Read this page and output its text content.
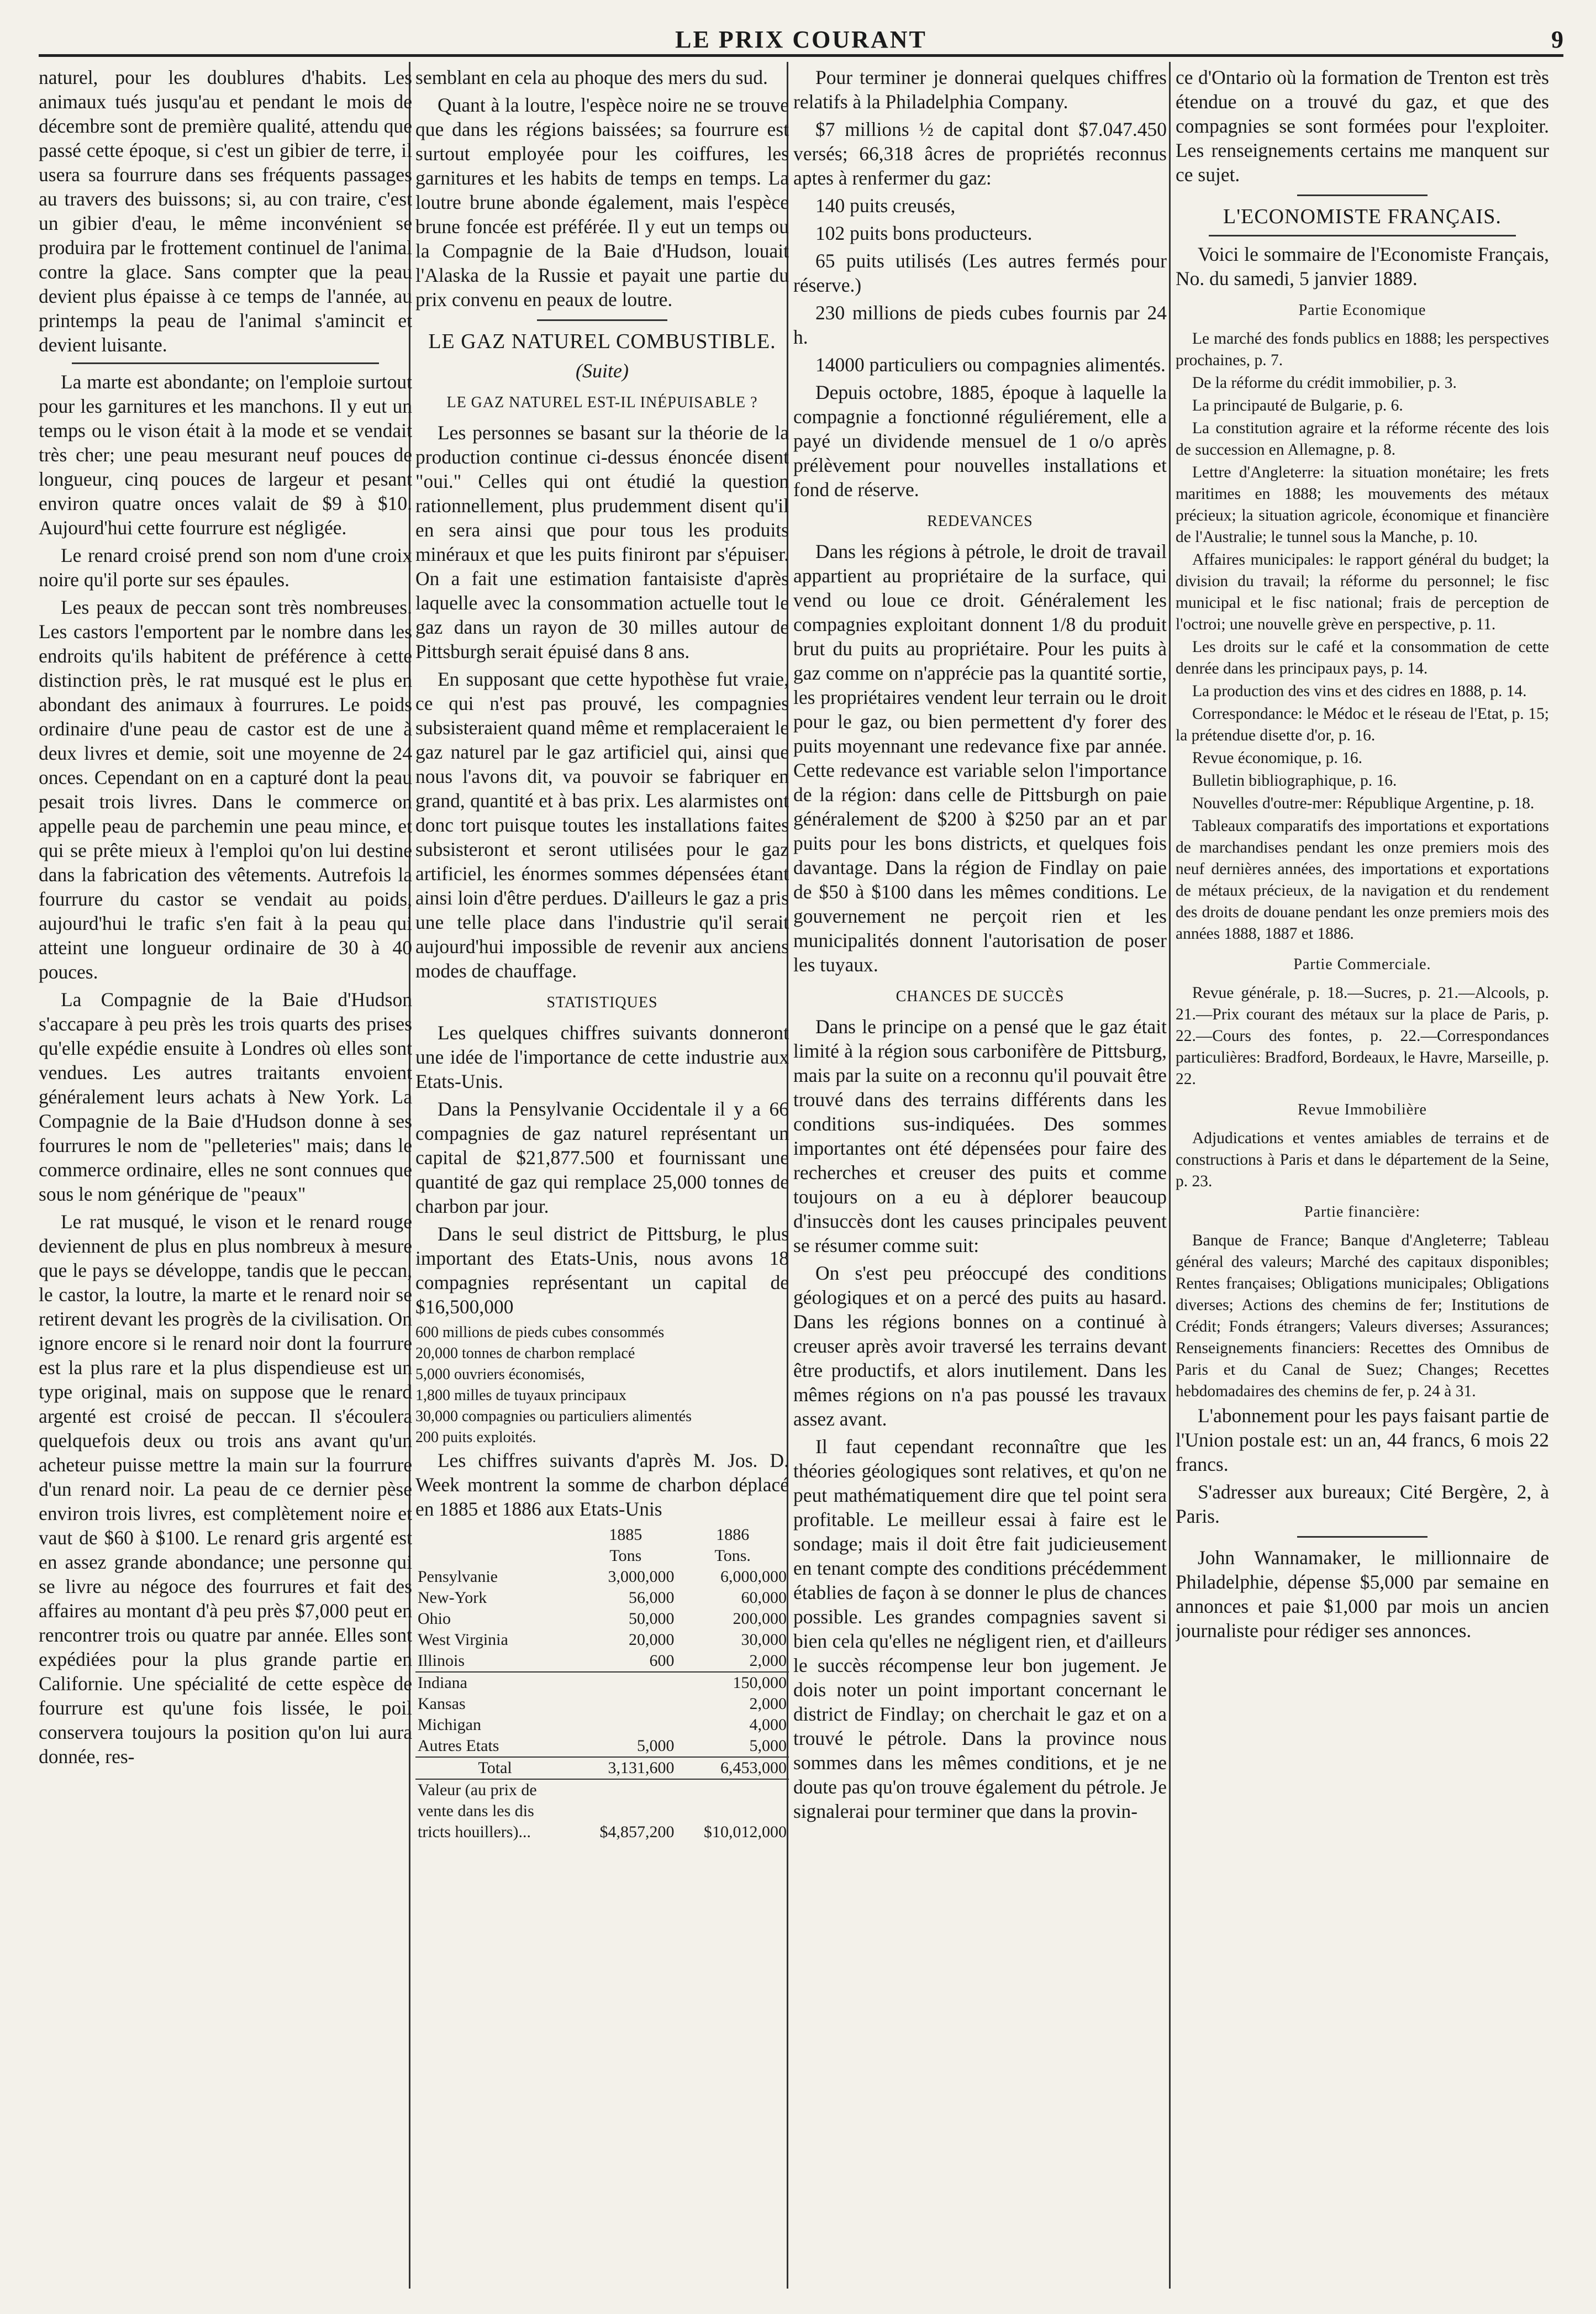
LE PRIX COURANT	9

naturel, pour les doublures d'habits. Les animaux tués jusqu'au et pendant le mois de décembre sont de première qualité, attendu que passé cette époque, si c'est un gibier de terre, il usera sa fourrure dans ses fréquents passages au travers des buissons; si, au con traire, c'est un gibier d'eau, le même inconvénient se produira par le frottement continuel de l'animal contre la glace. Sans compter que la peau devient plus épaisse à ce temps de l'année, au printemps la peau de l'animal s'amincit et devient luisante.

La marte est abondante; on l'emploie surtout pour les garnitures et les manchons. Il y eut un temps ou le vison était à la mode et se vendait très cher; une peau mesurant neuf pouces de longueur, cinq pouces de largeur et pesant environ quatre onces valait de $9 à $10. Aujourd'hui cette fourrure est négligée.

Le renard croisé prend son nom d'une croix noire qu'il porte sur ses épaules.

Les peaux de peccan sont très nombreuses. Les castors l'emportent par le nombre dans les endroits qu'ils habitent de préférence à cette distinction près, le rat musqué est le plus en abondant des animaux à fourrures. Le poids ordinaire d'une peau de castor est de une à deux livres et demie, soit une moyenne de 24 onces. Cependant on en a capturé dont la peau pesait trois livres. Dans le commerce on appelle peau de parchemin une peau mince, et qui se prête mieux à l'emploi qu'on lui destine dans la fabrication des vêtements. Autrefois la fourrure du castor se vendait au poids, aujourd'hui le trafic s'en fait à la peau qui atteint une longueur ordinaire de 30 à 40 pouces.

La Compagnie de la Baie d'Hudson s'accapare à peu près les trois quarts des prises qu'elle expédie ensuite à Londres où elles sont vendues. Les autres traitants envoient généralement leurs achats à New York. La Compagnie de la Baie d'Hudson donne à ses fourrures le nom de "pelleteries" mais; dans le commerce ordinaire, elles ne sont connues que sous le nom générique de "peaux"

Le rat musqué, le vison et le renard rouge deviennent de plus en plus nombreux à mesure que le pays se développe, tandis que le peccan, le castor, la loutre, la marte et le renard noir se retirent devant les progrès de la civilisation. On ignore encore si le renard noir dont la fourrure est la plus rare et la plus dispendieuse est un type original, mais on suppose que le renard argenté est croisé de peccan. Il s'écoulera quelquefois deux ou trois ans avant qu'un acheteur puisse mettre la main sur la fourrure d'un renard noir. La peau de ce dernier pèse environ trois livres, est complètement noire et vaut de $60 à $100. Le renard gris argenté est en assez grande abondance; une personne qui se livre au négoce des fourrures et fait des affaires au montant d'à peu près $7,000 peut en rencontrer trois ou quatre par année. Elles sont expédiées pour la plus grande partie en Californie. Une spécialité de cette espèce de fourrure est qu'une fois lissée, le poil conservera toujours la position qu'on lui aura donnée, res-

semblant en cela au phoque des mers du sud.

Quant à la loutre, l'espèce noire ne se trouve que dans les régions baissées; sa fourrure est surtout employée pour les coiffures, les garnitures et les habits de temps en temps. La loutre brune abonde également, mais l'espèce brune foncée est préférée. Il y eut un temps ou la Compagnie de la Baie d'Hudson, louait l'Alaska de la Russie et payait une partie du prix convenu en peaux de loutre.

LE GAZ NATUREL COMBUSTIBLE.
(Suite)
LE GAZ NATUREL EST-IL INÉPUISABLE ?

Les personnes se basant sur la théorie de la production continue ci-dessus énoncée disent "oui." Celles qui ont étudié la question rationnellement, plus prudemment disent qu'il en sera ainsi que pour tous les produits minéraux et que les puits finiront par s'épuiser. On a fait une estimation fantaisiste d'après laquelle avec la consommation actuelle tout le gaz dans un rayon de 30 milles autour de Pittsburgh serait épuisé dans 8 ans.

En supposant que cette hypothèse fut vraie, ce qui n'est pas prouvé, les compagnies subsisteraient quand même et remplaceraient le gaz naturel par le gaz artificiel qui, ainsi que nous l'avons dit, va pouvoir se fabriquer en grand, quantité et à bas prix. Les alarmistes ont donc tort puisque toutes les installations faites subsisteront et seront utilisées pour le gaz artificiel, les énormes sommes dépensées étant ainsi loin d'être perdues. D'ailleurs le gaz a pris une telle place dans l'industrie qu'il serait aujourd'hui impossible de revenir aux anciens modes de chauffage.

STATISTIQUES

Les quelques chiffres suivants donneront une idée de l'importance de cette industrie aux Etats-Unis.

Dans la Pensylvanie Occidentale il y a 66 compagnies de gaz naturel représentant un capital de $21,877.500 et fournissant une quantité de gaz qui remplace 25,000 tonnes de charbon par jour.

Dans le seul district de Pittsburg, le plus important des Etats-Unis, nous avons 18 compagnies représentant un capital de $16,500,000

600 millions de pieds cubes consommés
20,000 tonnes de charbon remplacé
5,000 ouvriers économisés,
1,800 milles de tuyaux principaux
30,000 compagnies ou particuliers alimentés
200 puits exploités.

Les chiffres suivants d'après M. Jos. D. Week montrent la somme de charbon déplacé en 1885 et 1886 aux Etats-Unis

	1885	1886
	Tons	Tons.
Pensylvanie	3,000,000	6,000,000
New-York	56,000	60,000
Ohio	50,000	200,000
West Virginia	20,000	30,000
Illinois	600	2,000
Indiana		150,000
Kansas		2,000
Michigan		4,000
Autres Etats	5,000	5,000
Total	3,131,600	6,453,000
Valeur (au prix de		
vente dans les dis		
tricts houillers)...	$4,857,200	$10,012,000

Pour terminer je donnerai quelques chiffres relatifs à la Philadelphia Company.

$7 millions ½ de capital dont $7.047.450 versés; 66,318 âcres de propriétés reconnus aptes à renfermer du gaz:

140 puits creusés,

102 puits bons producteurs.

65 puits utilisés (Les autres fermés pour réserve.)

230 millions de pieds cubes fournis par 24 h.

14000 particuliers ou compagnies alimentés.

Depuis octobre, 1885, époque à laquelle la compagnie a fonctionné réguliérement, elle a payé un dividende mensuel de 1 o/o après prélèvement pour nouvelles installations et fond de réserve.

REDEVANCES

Dans les régions à pétrole, le droit de travail appartient au propriétaire de la surface, qui vend ou loue ce droit. Généralement les compagnies exploitant donnent 1/8 du produit brut du puits au propriétaire. Pour les puits à gaz comme on n'apprécie pas la quantité sortie, les propriétaires vendent leur terrain ou le droit pour le gaz, ou bien permettent d'y forer des puits moyennant une redevance fixe par année. Cette redevance est variable selon l'importance de la région: dans celle de Pittsburgh on paie généralement de $200 à $250 par an et par puits pour les bons districts, et quelques fois davantage. Dans la région de Findlay on paie de $50 à $100 dans les mêmes conditions. Le gouvernement ne perçoit rien et les municipalités donnent l'autorisation de poser les tuyaux.

CHANCES DE SUCCÈS

Dans le principe on a pensé que le gaz était limité à la région sous carbonifère de Pittsburg, mais par la suite on a reconnu qu'il pouvait être trouvé dans des terrains différents dans les conditions sus-indiquées. Des sommes importantes ont été dépensées pour faire des recherches et creuser des puits et comme toujours on a eu à déplorer beaucoup d'insuccès dont les causes principales peuvent se résumer comme suit:

On s'est peu préoccupé des conditions géologiques et on a percé des puits au hasard. Dans les régions bonnes on a continué à creuser après avoir traversé les terrains devant être productifs, et alors inutilement. Dans les mêmes régions on n'a pas poussé les travaux assez avant.

Il faut cependant reconnaître que les théories géologiques sont relatives, et qu'on ne peut mathématiquement dire que tel point sera profitable. Le meilleur essai à faire est le sondage; mais il doit être fait judicieusement en tenant compte des conditions précédemment établies de façon à se donner le plus de chances possible. Les grandes compagnies savent si bien cela qu'elles ne négligent rien, et d'ailleurs le succès récompense leur bon jugement. Je dois noter un point important concernant le district de Findlay; on cherchait le gaz et on a trouvé le pétrole. Dans la province nous sommes dans les mêmes conditions, et je ne doute pas qu'on trouve également du pétrole. Je signalerai pour terminer que dans la provin-

ce d'Ontario où la formation de Trenton est très étendue on a trouvé du gaz, et que des compagnies se sont formées pour l'exploiter. Les renseignements certains me manquent sur ce sujet.

L'ECONOMISTE FRANÇAIS.

Voici le sommaire de l'Economiste Français, No. du samedi, 5 janvier 1889.

Partie Economique

Le marché des fonds publics en 1888; les perspectives prochaines, p. 7.

De la réforme du crédit immobilier, p. 3.

La principauté de Bulgarie, p. 6.

La constitution agraire et la réforme récente des lois de succession en Allemagne, p. 8.

Lettre d'Angleterre: la situation monétaire; les frets maritimes en 1888; les mouvements des métaux précieux; la situation agricole, économique et financière de l'Australie; le tunnel sous la Manche, p. 10.

Affaires municipales: le rapport général du budget; la division du travail; la réforme du personnel; le fisc municipal et le fisc national; frais de perception de l'octroi; une nouvelle grève en perspective, p. 11.

Les droits sur le café et la consommation de cette denrée dans les principaux pays, p. 14.

La production des vins et des cidres en 1888, p. 14.

Correspondance: le Médoc et le réseau de l'Etat, p. 15; la prétendue disette d'or, p. 16.

Revue économique, p. 16.

Bulletin bibliographique, p. 16.

Nouvelles d'outre-mer: République Argentine, p. 18.

Tableaux comparatifs des importations et exportations de marchandises pendant les onze premiers mois des neuf dernières années, des importations et exportations de métaux précieux, de la navigation et du rendement des droits de douane pendant les onze premiers mois des années 1888, 1887 et 1886.

Partie Commerciale.

Revue générale, p. 18.—Sucres, p. 21.—Alcools, p. 21.—Prix courant des métaux sur la place de Paris, p. 22.—Cours des fontes, p. 22.—Correspondances particulières: Bradford, Bordeaux, le Havre, Marseille, p. 22.

Revue Immobilière

Adjudications et ventes amiables de terrains et de constructions à Paris et dans le département de la Seine, p. 23.

Partie financière:

Banque de France; Banque d'Angleterre; Tableau général des valeurs; Marché des capitaux disponibles; Rentes françaises; Obligations municipales; Obligations diverses; Actions des chemins de fer; Institutions de Crédit; Fonds étrangers; Valeurs diverses; Assurances; Renseignements financiers: Recettes des Omnibus de Paris et du Canal de Suez; Changes; Recettes hebdomadaires des chemins de fer, p. 24 à 31.

L'abonnement pour les pays faisant partie de l'Union postale est: un an, 44 francs, 6 mois 22 francs.

S'adresser aux bureaux; Cité Bergère, 2, à Paris.

John Wannamaker, le millionnaire de Philadelphie, dépense $5,000 par semaine en annonces et paie $1,000 par mois un ancien journaliste pour rédiger ses annonces.
